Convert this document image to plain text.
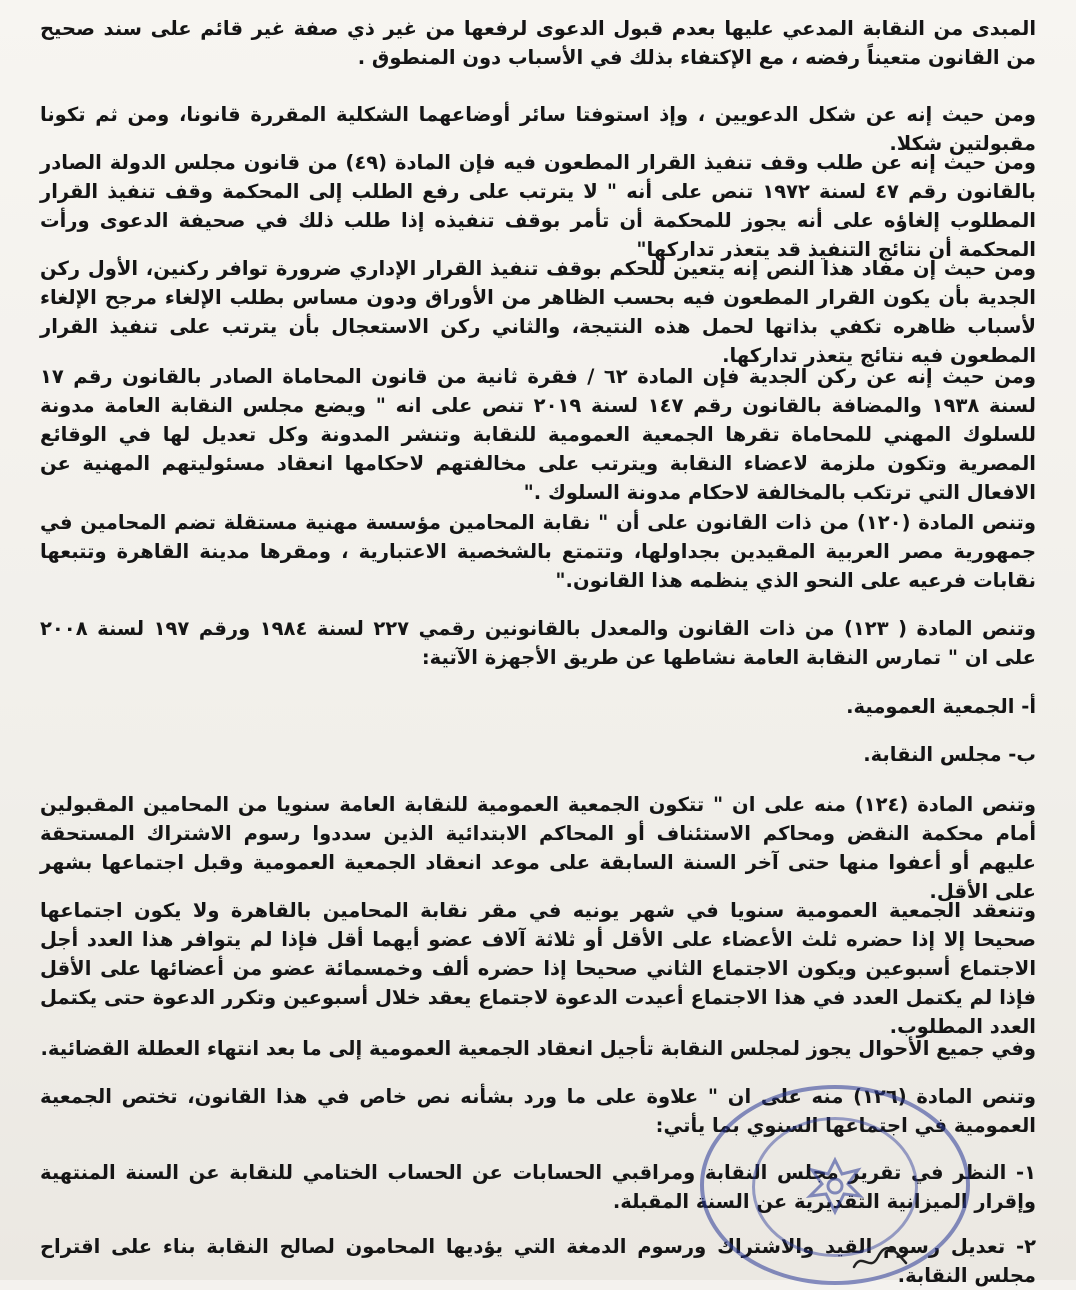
المبدى من النقابة المدعي عليها بعدم قبول الدعوى لرفعها من غير ذي صفة غير قائم على سند صحيح من القانون متعيناً رفضه ، مع الإكتفاء بذلك في الأسباب دون المنطوق .

ومن حيث إنه عن شكل الدعويين ، وإذ استوفتا سائر أوضاعهما الشكلية المقررة قانونا، ومن ثم تكونا مقبولتين شكلا.

ومن حيث إنه عن طلب وقف تنفيذ القرار المطعون فيه فإن المادة (٤٩) من قانون مجلس الدولة الصادر بالقانون رقم ٤٧ لسنة ١٩٧٢ تنص على أنه " لا يترتب على رفع الطلب إلى المحكمة وقف تنفيذ القرار المطلوب إلغاؤه على أنه يجوز للمحكمة أن تأمر بوقف تنفيذه إذا طلب ذلك في صحيفة الدعوى ورأت المحكمة أن نتائج التنفيذ قد يتعذر تداركها"

ومن حيث إن مفاد هذا النص إنه يتعين للحكم بوقف تنفيذ القرار الإداري ضرورة توافر ركنين، الأول ركن الجدية بأن يكون القرار المطعون فيه بحسب الظاهر من الأوراق ودون مساس بطلب الإلغاء مرجح الإلغاء لأسباب ظاهره تكفي بذاتها لحمل هذه النتيجة، والثاني ركن الاستعجال بأن يترتب على تنفيذ القرار المطعون فيه نتائج يتعذر تداركها.

ومن حيث إنه عن ركن الجدية فإن المادة ٦٢ / فقرة ثانية من قانون المحاماة الصادر بالقانون رقم ١٧ لسنة ١٩٣٨ والمضافة بالقانون رقم ١٤٧ لسنة ٢٠١٩ تنص على انه " ويضع مجلس النقابة العامة مدونة للسلوك المهني للمحاماة تقرها الجمعية العمومية للنقابة وتنشر المدونة وكل تعديل لها في الوقائع المصرية وتكون ملزمة لاعضاء النقابة ويترتب على مخالفتهم لاحكامها انعقاد مسئوليتهم المهنية عن الافعال التي ترتكب بالمخالفة لاحكام مدونة السلوك ."

وتنص المادة (١٢٠) من ذات القانون على أن " نقابة المحامين مؤسسة مهنية مستقلة تضم المحامين في جمهورية مصر العربية المقيدين بجداولها، وتتمتع بالشخصية الاعتبارية ، ومقرها مدينة القاهرة وتتبعها نقابات فرعيه على النحو الذي ينظمه هذا القانون."

وتنص المادة ( ١٢٣) من ذات القانون والمعدل بالقانونين رقمي ٢٢٧ لسنة ١٩٨٤ ورقم ١٩٧ لسنة ٢٠٠٨ على ان " تمارس النقابة العامة نشاطها عن طريق الأجهزة الآتية:

أ- الجمعية العمومية.

ب- مجلس النقابة.

وتنص المادة (١٢٤) منه على ان " تتكون الجمعية العمومية للنقابة العامة سنويا من المحامين المقبولين أمام محكمة النقض ومحاكم الاستئناف أو المحاكم الابتدائية الذين سددوا رسوم الاشتراك المستحقة عليهم أو أعفوا منها حتى آخر السنة السابقة على موعد انعقاد الجمعية العمومية وقبل اجتماعها بشهر على الأقل.

وتنعقد الجمعية العمومية سنويا في شهر يونيه في مقر نقابة المحامين بالقاهرة ولا يكون اجتماعها صحيحا إلا إذا حضره ثلث الأعضاء على الأقل أو ثلاثة آلاف عضو أيهما أقل فإذا لم يتوافر هذا العدد أجل الاجتماع أسبوعين ويكون الاجتماع الثاني صحيحا إذا حضره ألف وخمسمائة عضو من أعضائها على الأقل فإذا لم يكتمل العدد في هذا الاجتماع أعيدت الدعوة لاجتماع يعقد خلال أسبوعين وتكرر الدعوة حتى يكتمل العدد المطلوب.

وفي جميع الأحوال يجوز لمجلس النقابة تأجيل انعقاد الجمعية العمومية إلى ما بعد انتهاء العطلة القضائية.

وتنص المادة (١٢٦) منه على ان " علاوة على ما ورد بشأنه نص خاص في هذا القانون، تختص الجمعية العمومية في اجتماعها السنوي بما يأتي:

١- النظر في تقرير مجلس النقابة ومراقبي الحسابات عن الحساب الختامي للنقابة عن السنة المنتهية وإقرار الميزانية التقديرية عن السنة المقبلة.

٢- تعديل رسوم القيد والاشتراك ورسوم الدمغة التي يؤديها المحامون لصالح النقابة بناء على اقتراح مجلس النقابة.
